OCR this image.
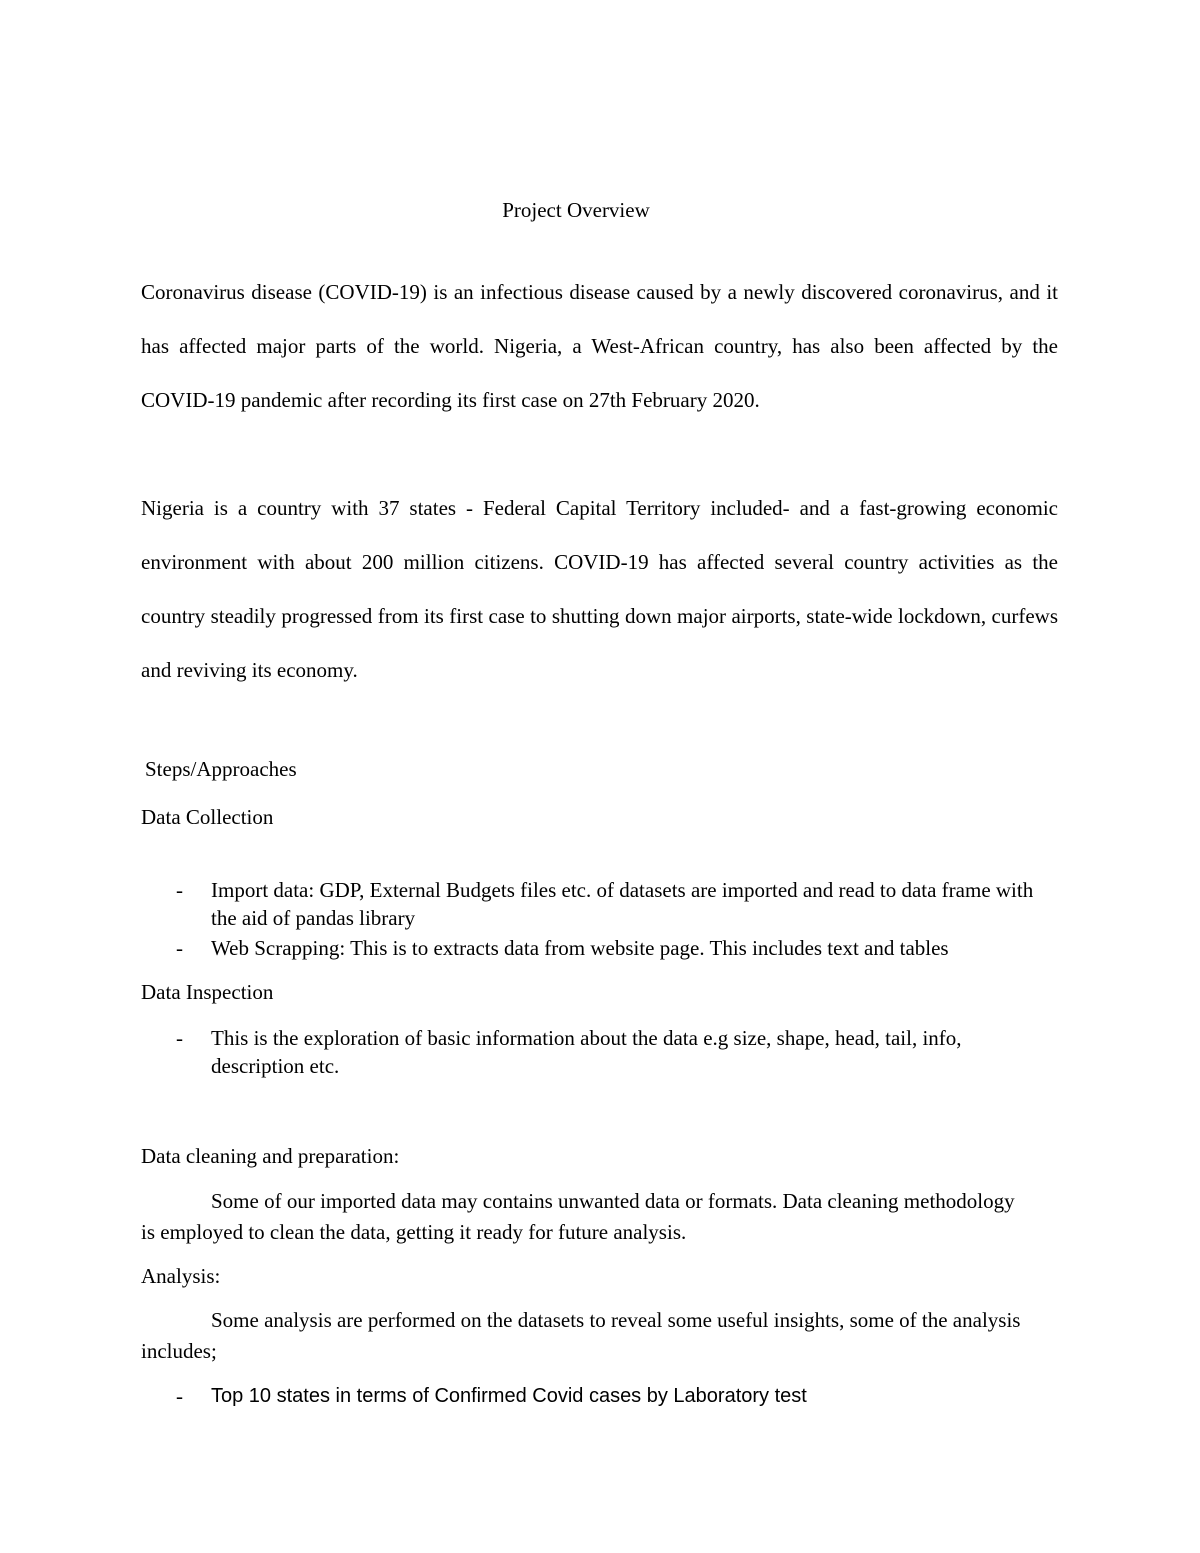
Project Overview

Coronavirus disease (COVID-19) is an infectious disease caused by a newly discovered coronavirus, and it has affected major parts of the world. Nigeria, a West-African country, has also been affected by the COVID-19 pandemic after recording its first case on 27th February 2020.

Nigeria is a country with 37 states - Federal Capital Territory included- and a fast-growing economic environment with about 200 million citizens. COVID-19 has affected several country activities as the country steadily progressed from its first case to shutting down major airports, state-wide lockdown, curfews and reviving its economy.

Steps/Approaches
Data Collection
- Import data: GDP, External Budgets files etc. of datasets are imported and read to data frame with the aid of pandas library
- Web Scrapping: This is to extracts data from website page. This includes text and tables
Data Inspection
- This is the exploration of basic information about the data e.g size, shape, head, tail, info, description etc.
Data cleaning and preparation:

Some of our imported data may contains unwanted data or formats. Data cleaning methodology is employed to clean the data, getting it ready for future analysis.

Analysis:

Some analysis are performed on the datasets to reveal some useful insights, some of the analysis includes;

- Top 10 states in terms of Confirmed Covid cases by Laboratory test
